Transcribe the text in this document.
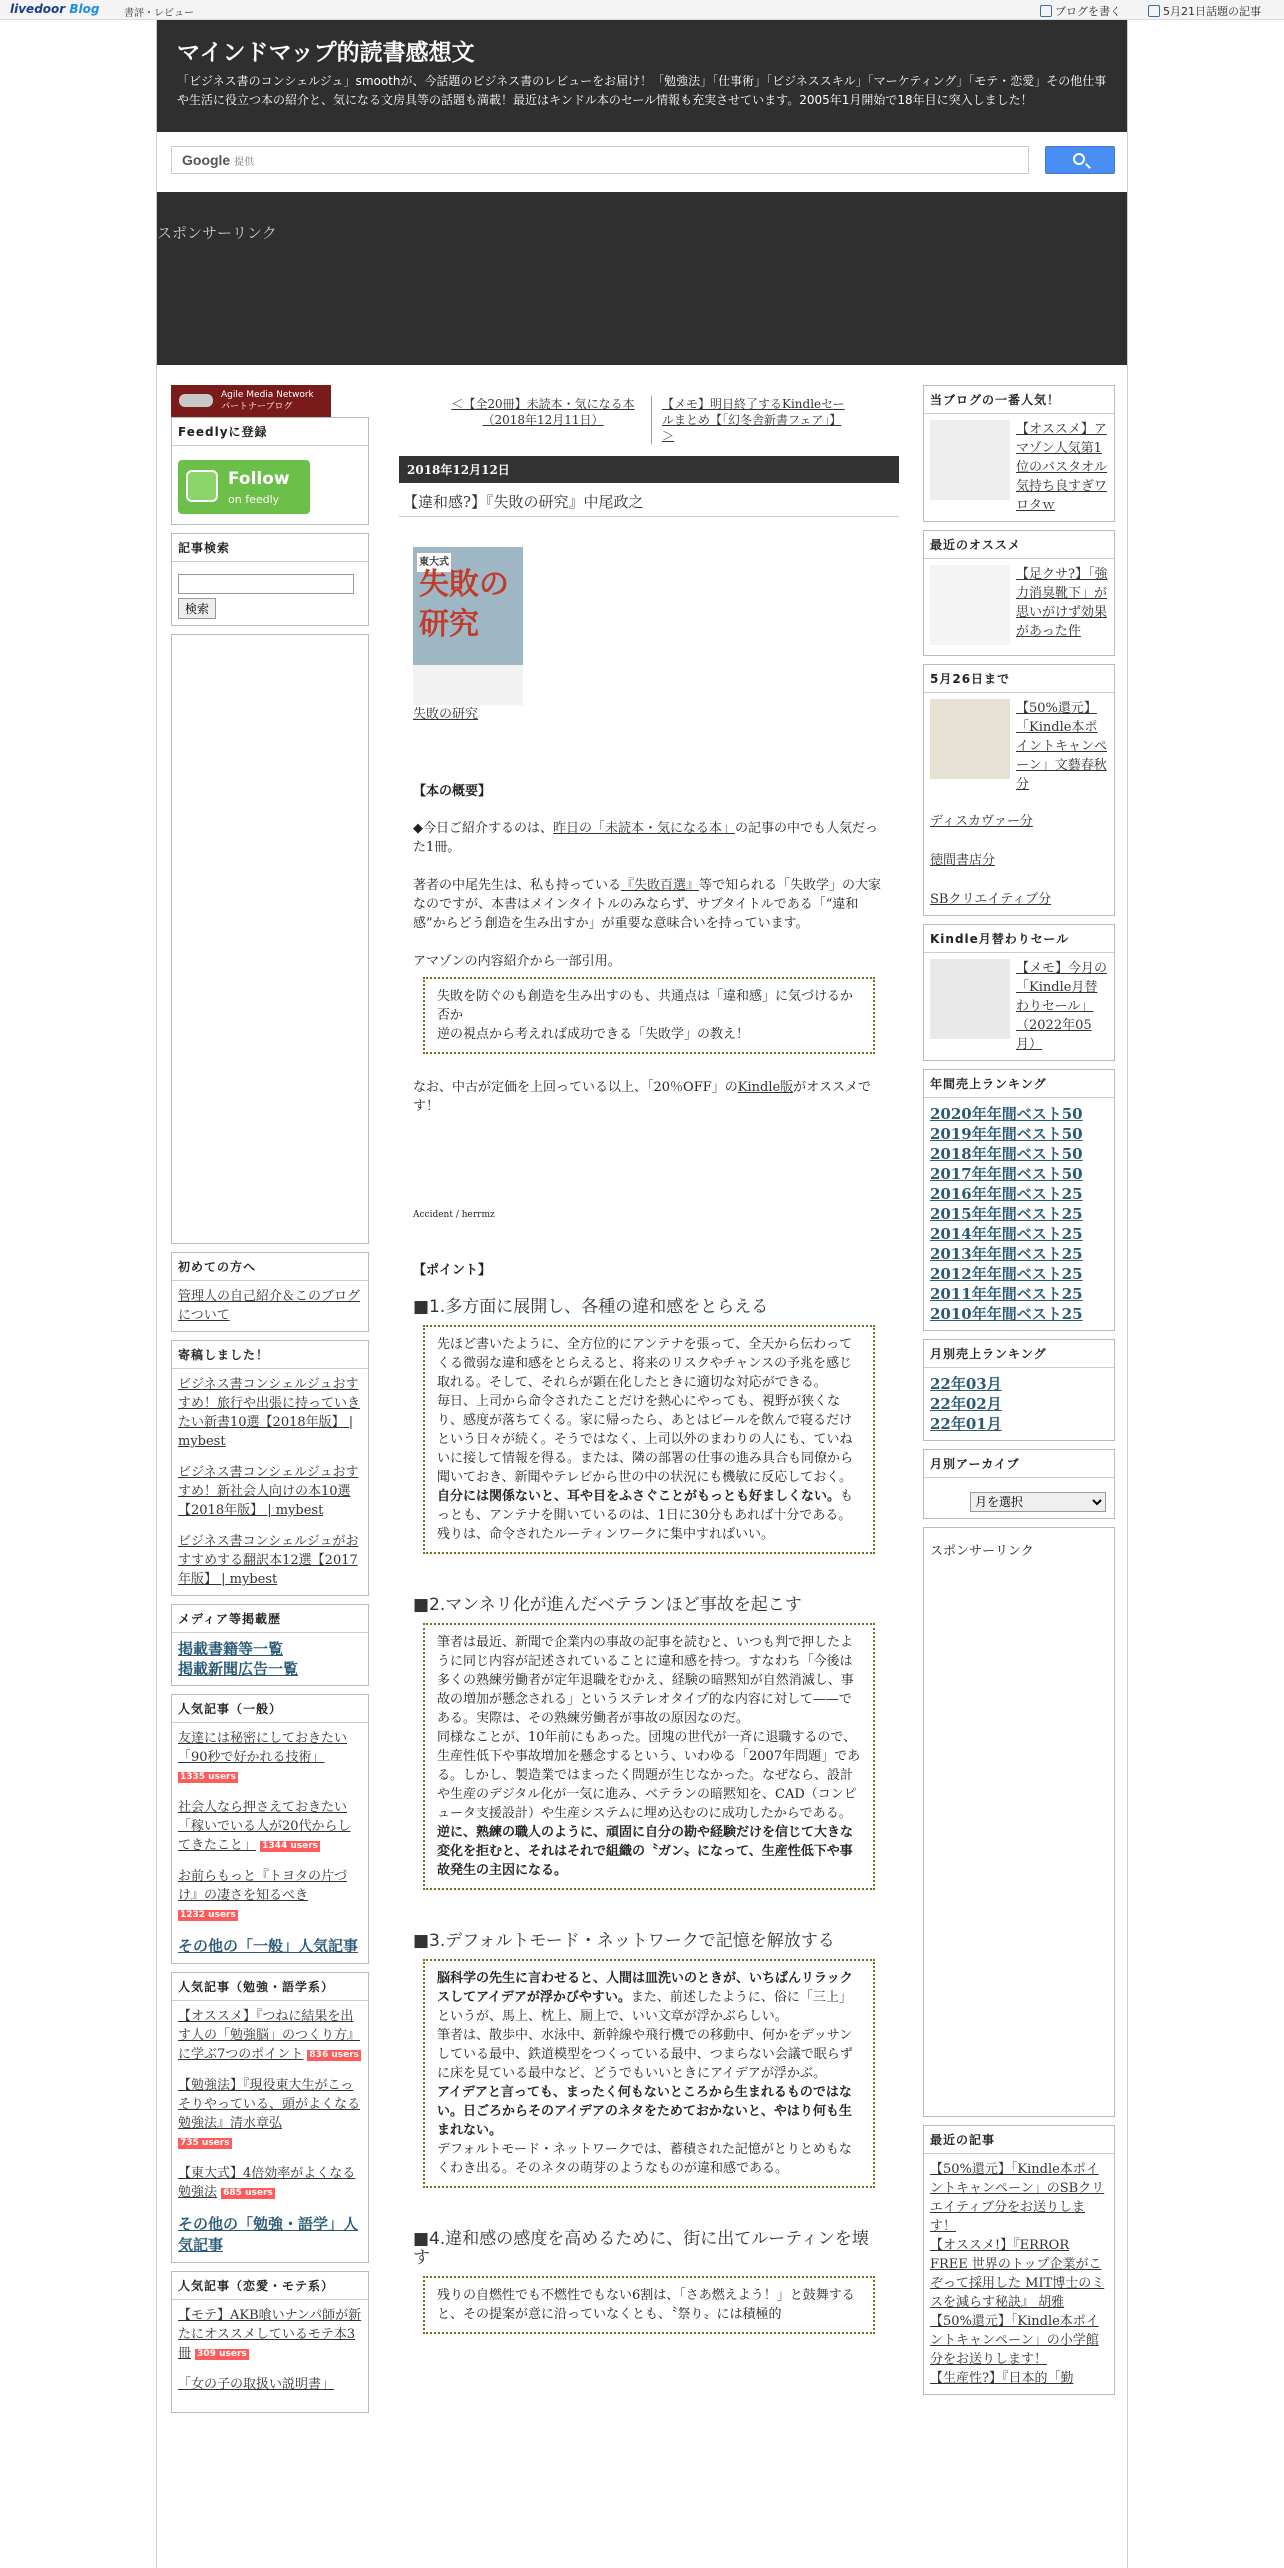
livedoor Blog 書評・レビュー	ブログを書く	5月21日話題の記事
マインドマップ的読書感想文
「ビジネス書のコンシェルジュ」smoothが、今話題のビジネス書のレビューをお届け！「勉強法」「仕事術」「ビジネススキル」「マーケティング」「モテ・恋愛」その他仕事や生活に役立つ本の紹介と、気になる文房具等の話題も満載！最近はキンドル本のセール情報も充実させています。2005年1月開始で18年目に突入しました！
Google 提供
スポンサーリンク
Agile Media Network
パートナーブログ
Feedlyに登録
Follow
on feedly
記事検索
検索
初めての方へ
管理人の自己紹介＆このブログについて
寄稿しました！

ビジネス書コンシェルジュおすすめ！旅行や出張に持っていきたい新書10選【2018年版】 | mybest

ビジネス書コンシェルジュおすすめ！新社会人向けの本10選【2018年版】 | mybest

ビジネス書コンシェルジュがおすすめする翻訳本12選【2017年版】 | mybest

メディア等掲載歴
掲載書籍等一覧
掲載新聞広告一覧
人気記事（一般）

友達には秘密にしておきたい「90秒で好かれる技術」
1335 users

社会人なら押さえておきたい「稼いでいる人が20代からしてきたこと」 1344 users

お前らもっと『トヨタの片づけ』の凄さを知るべき
1232 users

その他の「一般」人気記事

人気記事（勉強・語学系）

【オススメ】『つねに結果を出す人の「勉強脳」のつくり方』に学ぶ7つのポイント 836 users

【勉強法】『現役東大生がこっそりやっている、頭がよくなる勉強法』清水章弘
735 users

【東大式】4倍効率がよくなる勉強法 685 users

その他の「勉強・語学」人気記事

人気記事（恋愛・モテ系）

【モテ】AKB喰いナンパ師が新たにオススメしているモテ本3冊 309 users

「女の子の取扱い説明書」

＜【全20冊】未読本・気になる本（2018年12月11日）
【メモ】明日終了するKindleセールまとめ【「幻冬舎新書フェア」】＞
2018年12月12日
【違和感?】『失敗の研究』中尾政之
東大式
失敗の
研究
失敗の研究

【本の概要】

◆今日ご紹介するのは、昨日の「未読本・気になる本」の記事の中でも人気だった1冊。

著者の中尾先生は、私も持っている『失敗百選』等で知られる「失敗学」の大家なのですが、本書はメインタイトルのみならず、サブタイトルである「“違和感”からどう創造を生み出すか」が重要な意味合いを持っています。

アマゾンの内容紹介から一部引用。

失敗を防ぐのも創造を生み出すのも、共通点は「違和感」に気づけるか否か
逆の視点から考えれば成功できる「失敗学」の教え！

なお、中古が定価を上回っている以上、「20％OFF」のKindle版がオススメです！

Accident / herrmz

【ポイント】

■1.多方面に展開し、各種の違和感をとらえる
先ほど書いたように、全方位的にアンテナを張って、全天から伝わってくる微弱な違和感をとらえると、将来のリスクやチャンスの予兆を感じ取れる。そして、それらが顕在化したときに適切な対応ができる。
毎日、上司から命令されたことだけを熱心にやっても、視野が狭くなり、感度が落ちてくる。家に帰ったら、あとはビールを飲んで寝るだけという日々が続く。そうではなく、上司以外のまわりの人にも、ていねいに接して情報を得る。または、隣の部署の仕事の進み具合も同僚から聞いておき、新聞やテレビから世の中の状況にも機敏に反応しておく。
自分には関係ないと、耳や目をふさぐことがもっとも好ましくない。もっとも、アンテナを開いているのは、1日に30分もあれば十分である。残りは、命令されたルーティンワークに集中すればいい。
■2.マンネリ化が進んだベテランほど事故を起こす
筆者は最近、新聞で企業内の事故の記事を読むと、いつも判で押したように同じ内容が記述されていることに違和感を持つ。すなわち「今後は多くの熟練労働者が定年退職をむかえ、経験の暗黙知が自然消滅し、事故の増加が懸念される」というステレオタイプ的な内容に対して——である。実際は、その熟練労働者が事故の原因なのだ。
同様なことが、10年前にもあった。団塊の世代が一斉に退職するので、生産性低下や事故増加を懸念するという、いわゆる「2007年問題」である。しかし、製造業ではまったく問題が生じなかった。なぜなら、設計や生産のデジタル化が一気に進み、ベテランの暗黙知を、CAD（コンピュータ支援設計）や生産システムに埋め込むのに成功したからである。
逆に、熟練の職人のように、頑固に自分の勘や経験だけを信じて大きな変化を拒むと、それはそれで組織の〝ガン〟になって、生産性低下や事故発生の主因になる。
■3.デフォルトモード・ネットワークで記憶を解放する
脳科学の先生に言わせると、人間は皿洗いのときが、いちばんリラックスしてアイデアが浮かびやすい。また、前述したように、俗に「三上」というが、馬上、枕上、厠上で、いい文章が浮かぶらしい。
筆者は、散歩中、水泳中、新幹線や飛行機での移動中、何かをデッサンしている最中、鉄道模型をつくっている最中、つまらない会議で眠らずに床を見ている最中など、どうでもいいときにアイデアが浮かぶ。
アイデアと言っても、まったく何もないところから生まれるものではない。日ごろからそのアイデアのネタをためておかないと、やはり何も生まれない。
デフォルトモード・ネットワークでは、蓄積された記憶がとりとめもなくわき出る。そのネタの萌芽のようなものが違和感である。
■4.違和感の感度を高めるために、街に出てルーティンを壊す
残りの自燃性でも不燃性でもない6割は、「さあ燃えよう！」と鼓舞すると、その提案が意に沿っていなくとも、〝祭り〟には積極的
当ブログの一番人気！
【オススメ】アマゾン人気第1位のバスタオル気持ち良すぎワロタｗ
最近のオススメ
【足クサ?】「強力消臭靴下」が思いがけず効果があった件
5月26日まで
【50%還元】「Kindle本ポイントキャンペーン」文藝春秋分

ディスカヴァー分

徳間書店分

SBクリエイティブ分

Kindle月替わりセール
【メモ】今月の「Kindle月替わりセール」（2022年05月）
年間売上ランキング
2020年年間ベスト50
2019年年間ベスト50
2018年年間ベスト50
2017年年間ベスト50
2016年年間ベスト25
2015年年間ベスト25
2014年年間ベスト25
2013年年間ベスト25
2012年年間ベスト25
2011年年間ベスト25
2010年年間ベスト25
月別売上ランキング
22年03月
22年02月
22年01月
月別アーカイブ
月を選択
スポンサーリンク
最近の記事

【50%還元】「Kindle本ポイントキャンペーン」のSBクリエイティブ分をお送りします！

【オススメ!】『ERROR FREE 世界のトップ企業がこぞって採用した MIT博士のミスを減らす秘訣』 胡雅

【50%還元】「Kindle本ポイントキャンペーン」の小学館分をお送りします！

【生産性?】『日本的「勤
